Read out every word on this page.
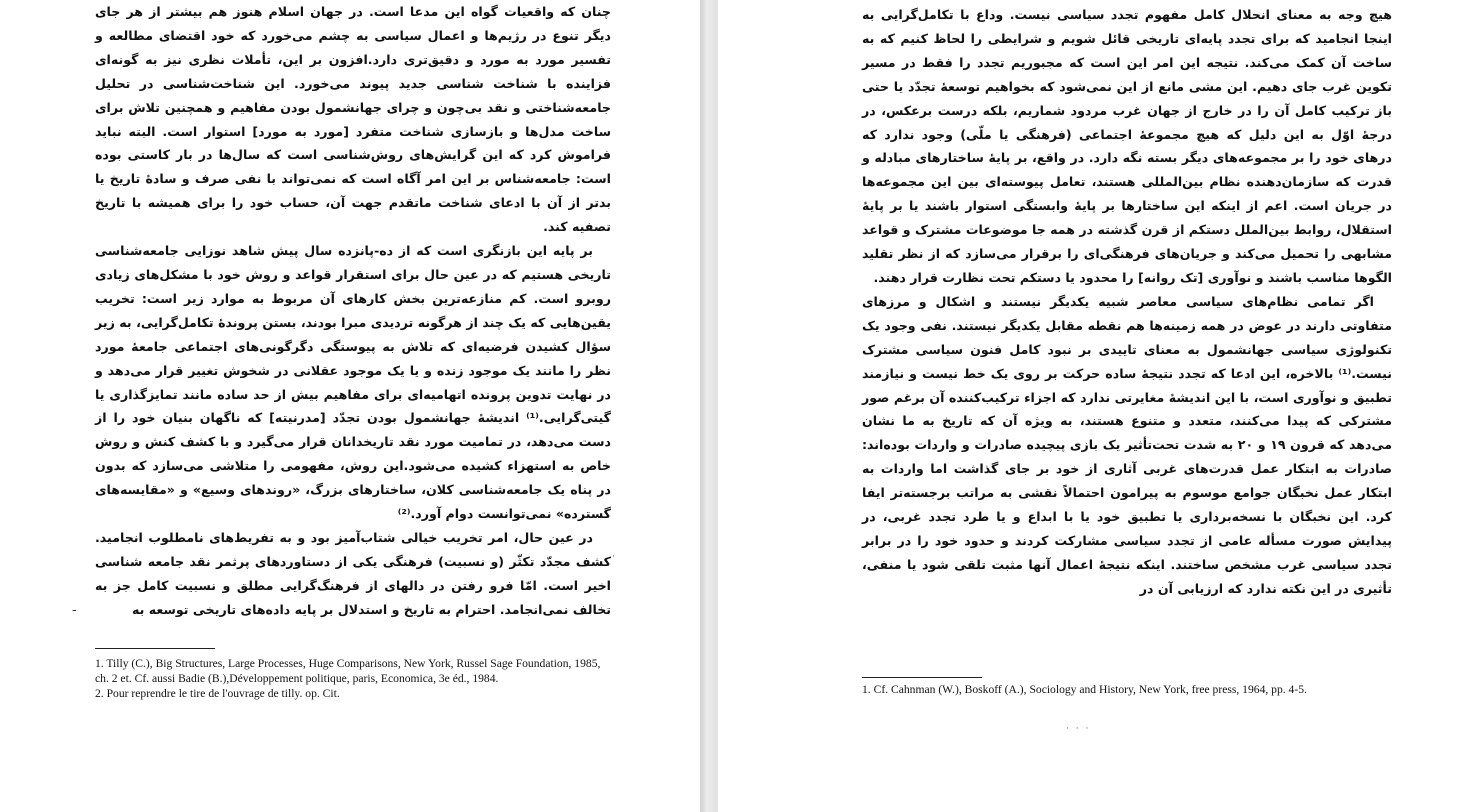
چنان که واقعیات گواه این مدعا است. در جهان اسلام هنوز هم بیشتر از هر جای دیگر تنوع در رژیم‌ها و اعمال سیاسی به چشم می‌خورد که خود اقتضای مطالعه و تفسیر مورد به مورد و دقیق‌تری دارد.افزون بر این، تأملات نظری نیز به گونه‌ای فزاینده با شناخت شناسی جدید پیوند می‌خورد. این شناخت‌شناسی در تحلیل جامعه‌شناختی و نقد بی‌چون و چرای جهانشمول بودن مفاهیم و همچنین تلاش برای ساخت مدل‌ها و بازسازی شناخت متفرد [مورد به مورد] استوار است. البته نباید فراموش کرد که این گرایش‌های روش‌شناسی است که سال‌ها در بار کاستی بوده است: جامعه‌شناس بر این امر آگاه است که نمی‌تواند با نفی صرف و سادهٔ تاریخ یا بدتر از آن با ادعای شناخت ماتقدم جهت آن، حساب خود را برای همیشه با تاریخ تصفیه کند.

بر پایه این بازنگری است که از ده-پانزده سال پیش شاهد نوزایی جامعه‌شناسی تاریخی هستیم که در عین حال برای استقرار قواعد و روش خود با مشکل‌های زیادی روبرو است. کم منازعه‌ترین بخش کارهای آن مربوط به موارد زیر است: تخریب یقین‌هایی که یک چند از هرگونه تردیدی مبرا بودند، بستن پروندهٔ تکامل‌گرایی، به زیر سؤال کشیدن فرضیه‌ای که تلاش به پیوستگی دگرگونی‌های اجتماعی جامعهٔ مورد نظر را مانند یک موجود زنده و یا یک موجود عقلانی در شخوش تغییر قرار می‌دهد و در نهایت تدوین پرونده اتهامیه‌ای برای مفاهیم بیش از حد ساده مانند تمایزگذاری یا گیتی‌گرایی.⁽¹⁾ اندیشهٔ جهانشمول بودن تجدّد [مدرنیته] که ناگهان بنیان خود را از دست می‌دهد، در تمامیت مورد نقد تاریخدانان قرار می‌گیرد و با کشف کنش و روش خاص به استهزاء کشیده می‌شود.این روش، مفهومی را متلاشی می‌سازد که بدون در پناه یک جامعه‌شناسی کلان، ساختارهای بزرگ، «روندهای وسیع» و «مقایسه‌های گسترده» نمی‌توانست دوام آورد.⁽²⁾

در عین حال، امر تخریب خیالی شتاب‌آمیز بود و به تفریط‌های نامطلوب انجامید. کشف مجدّد تکثّر (و نسبیت) فرهنگی یکی از دستاوردهای پرثمر نقد جامعه شناسی اخیر است. امّا فرو رفتن در دالهای از فرهنگ‌گرایی مطلق و نسبیت کامل جز به تخالف نمی‌انجامد. احترام به تاریخ و استدلال بر پایه داده‌های تاریخی توسعه به

1. Tilly (C.), Big Structures, Large Processes, Huge Comparisons, New York, Russel Sage Foundation, 1985, ch. 2 et. Cf. aussi Badie (B.),Développement politique, paris, Economica, 3e éd., 1984.

2. Pour reprendre le tire de l'ouvrage de tilly. op. Cit.

·
-

هیچ وجه به معنای انحلال کامل مفهوم تجدد سیاسی نیست. وداع با تکامل‌گرایی به اینجا انجامید که برای تجدد پایه‌ای تاریخی قائل شویم و شرایطی را لحاظ کنیم که به ساخت آن کمک می‌کند. نتیجه این امر این است که مجبوریم تجدد را فقط در مسیر تکوین غرب جای دهیم. این مشی مانع از این نمی‌شود که بخواهیم توسعهٔ تجدّد یا حتی باز ترکیب کامل آن را در خارج از جهان غرب مردود شماریم، بلکه درست برعکس، در درجهٔ اوّل به این دلیل که هیچ مجموعهٔ اجتماعی (فرهنگی یا ملّی) وجود ندارد که درهای خود را بر مجموعه‌های دیگر بسته نگه دارد. در واقع، بر پایهٔ ساختارهای مبادله و قدرت که سازمان‌دهنده نظام بین‌المللی هستند، تعامل پیوسته‌ای بین این مجموعه‌ها در جریان است. اعم از اینکه این ساختارها بر پایهٔ وابستگی استوار باشند یا بر پایهٔ استقلال، روابط بین‌الملل دستکم از قرن گذشته در همه جا موضوعات مشترک و قواعد مشابهی را تحمیل می‌کند و جریان‌های فرهنگی‌ای را برقرار می‌سازد که از نظر تقلید الگوها مناسب باشند و نوآوری [تک روانه] را محدود یا دستکم تحت نظارت قرار دهند.

اگر تمامی نظام‌های سیاسی معاصر شبیه یکدیگر نیستند و اشکال و مرزهای متفاوتی دارند در عوض در همه زمینه‌ها هم نقطه مقابل یکدیگر نیستند. نفی وجود یک تکنولوژی سیاسی جهانشمول به معنای تاییدی بر نبود کامل فنون سیاسی مشترک نیست.⁽¹⁾ بالاخره، این ادعا که تجدد نتیجهٔ ساده حرکت بر روی یک خط نیست و نیازمند تطبیق و نوآوری است، با این اندیشهٔ مغایرتی ندارد که اجزاء ترکیب‌کننده آن برغم صور مشترکی که پیدا می‌کنند، متعدد و متنوع هستند، به ویژه آن که تاریخ به ما نشان می‌دهد که قرون ۱۹ و ۲۰ به شدت تحت‌تأثیر یک بازی پیچیده صادرات و واردات بوده‌اند: صادرات به ابتکار عمل قدرت‌های غربی آثاری از خود بر جای گذاشت اما واردات به ابتکار عمل نخبگان جوامع موسوم به پیرامون احتمالاً نقشی به مراتب برجسته‌تر ایفا کرد. این نخبگان با نسخه‌برداری یا تطبیق خود یا با ابداع و یا طرد تجدد غربی، در پیدایش صورت مسأله عامی از تجدد سیاسی مشارکت کردند و حدود خود را در برابر تجدد سیاسی غرب مشخص ساختند. اینکه نتیجهٔ اعمال آنها مثبت تلقی شود یا منفی، تأثیری در این نکته ندارد که ارزیابی آن در

1. Cf. Cahnman (W.), Boskoff (A.), Sociology and History, New York, free press, 1964, pp. 4-5.

· · ·
